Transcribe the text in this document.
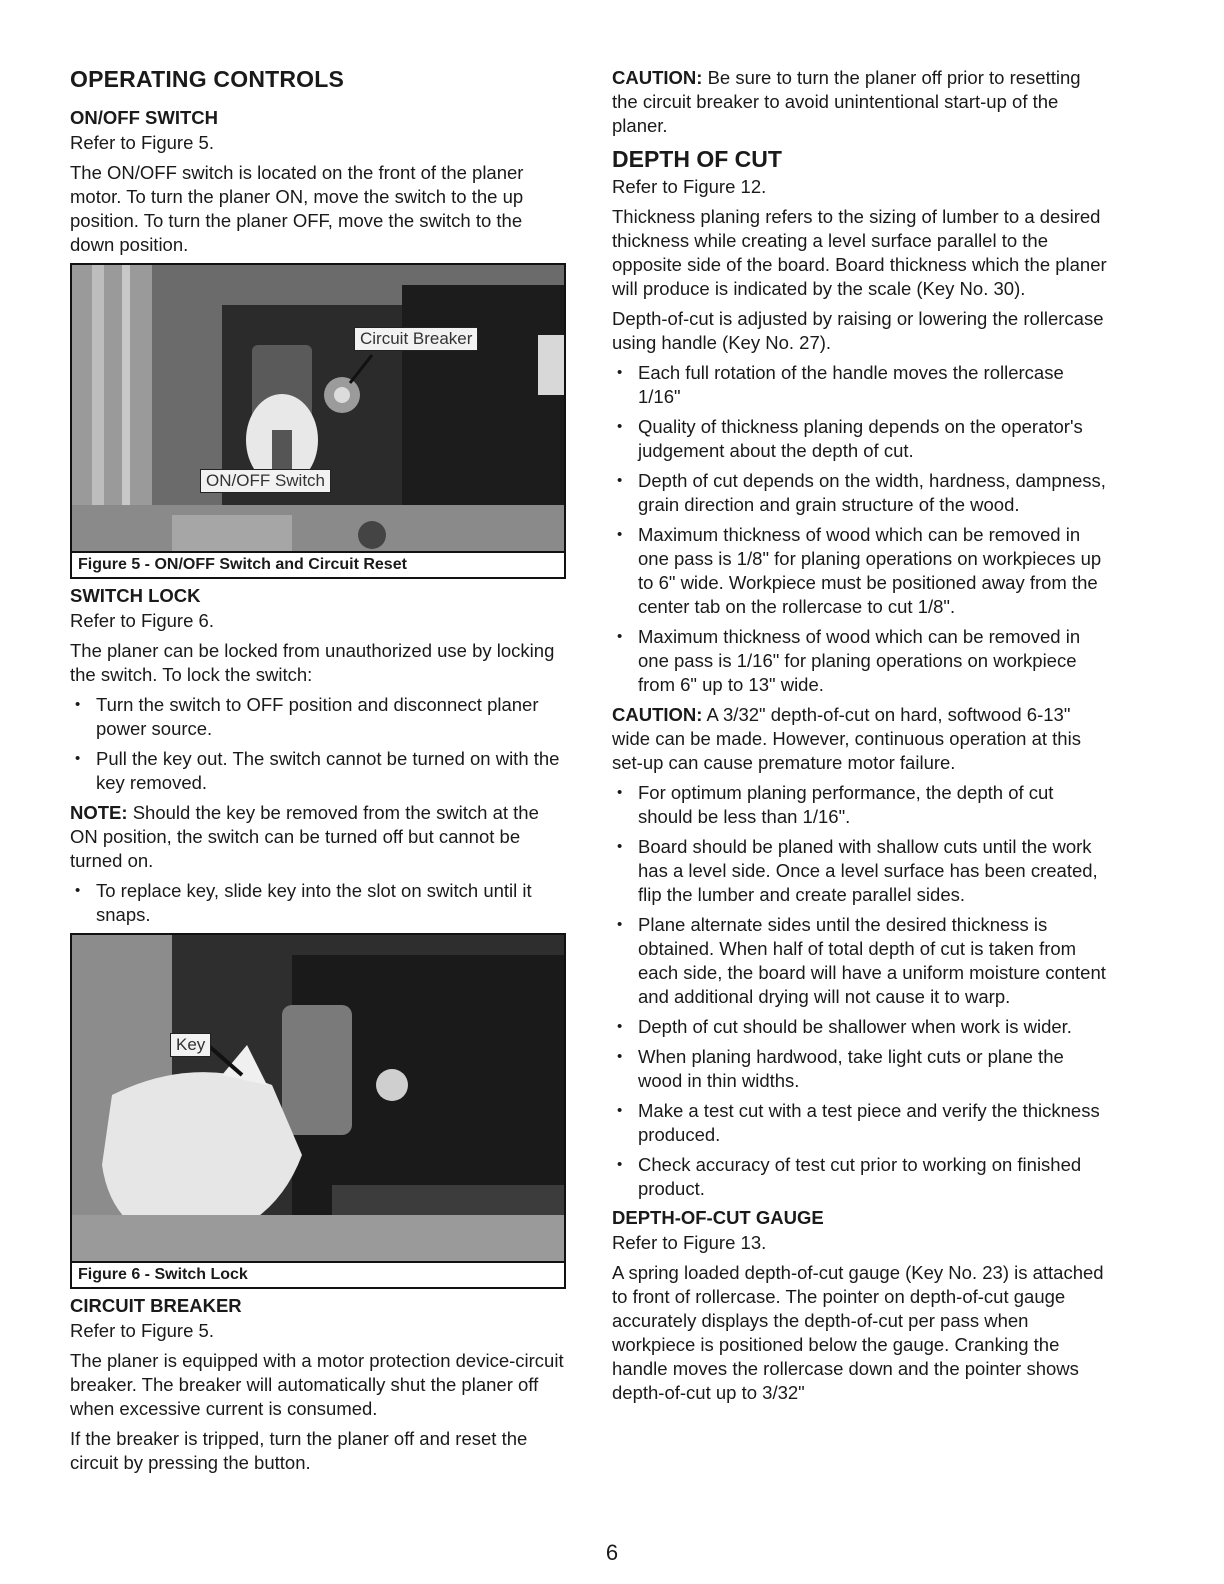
OPERATING CONTROLS
ON/OFF SWITCH

Refer to Figure 5.

The ON/OFF switch is located on the front of the planer motor. To turn the planer ON, move the switch to the up position. To turn the planer OFF, move the switch to the down position.

Circuit Breaker
ON/OFF Switch
Figure 5 - ON/OFF Switch and Circuit Reset
SWITCH LOCK

Refer to Figure 6.

The planer can be locked from unauthorized use by locking the switch. To lock the switch:

• Turn the switch to OFF position and disconnect planer power source.
• Pull the key out. The switch cannot be turned on with the key removed.

NOTE: Should the key be removed from the switch at the ON position, the switch can be turned off but cannot be turned on.

• To replace key, slide key into the slot on switch until it snaps.
Key
Figure 6 - Switch Lock
CIRCUIT BREAKER

Refer to Figure 5.

The planer is equipped with a motor protection device-circuit breaker. The breaker will automatically shut the planer off when excessive current is consumed.

If the breaker is tripped, turn the planer off and reset the circuit by pressing the button.

CAUTION: Be sure to turn the planer off prior to resetting the circuit breaker to avoid unintentional start-up of the planer.

DEPTH OF CUT

Refer to Figure 12.

Thickness planing refers to the sizing of lumber to a desired thickness while creating a level surface parallel to the opposite side of the board. Board thickness which the planer will produce is indicated by the scale (Key No. 30).

Depth-of-cut is adjusted by raising or lowering the rollercase using handle (Key No. 27).

• Each full rotation of the handle moves the rollercase 1/16"
• Quality of thickness planing depends on the operator's judgement about the depth of cut.
• Depth of cut depends on the width, hardness, dampness, grain direction and grain structure of the wood.
• Maximum thickness of wood which can be removed in one pass is 1/8" for planing operations on workpieces up to 6" wide. Workpiece must be positioned away from the center tab on the rollercase to cut 1/8".
• Maximum thickness of wood which can be removed in one pass is 1/16" for planing operations on workpiece from 6" up to 13" wide.

CAUTION: A 3/32" depth-of-cut on hard, softwood 6-13" wide can be made. However, continuous operation at this set-up can cause premature motor failure.

• For optimum planing performance, the depth of cut should be less than 1/16".
• Board should be planed with shallow cuts until the work has a level side. Once a level surface has been created, flip the lumber and create parallel sides.
• Plane alternate sides until the desired thickness is obtained. When half of total depth of cut is taken from each side, the board will have a uniform moisture content and additional drying will not cause it to warp.
• Depth of cut should be shallower when work is wider.
• When planing hardwood, take light cuts or plane the wood in thin widths.
• Make a test cut with a test piece and verify the thickness produced.
• Check accuracy of test cut prior to working on finished product.
DEPTH-OF-CUT GAUGE

Refer to Figure 13.

A spring loaded depth-of-cut gauge (Key No. 23) is attached to front of rollercase. The pointer on depth-of-cut gauge accurately displays the depth-of-cut per pass when workpiece is positioned below the gauge. Cranking the handle moves the rollercase down and the pointer shows depth-of-cut up to 3/32"

6
